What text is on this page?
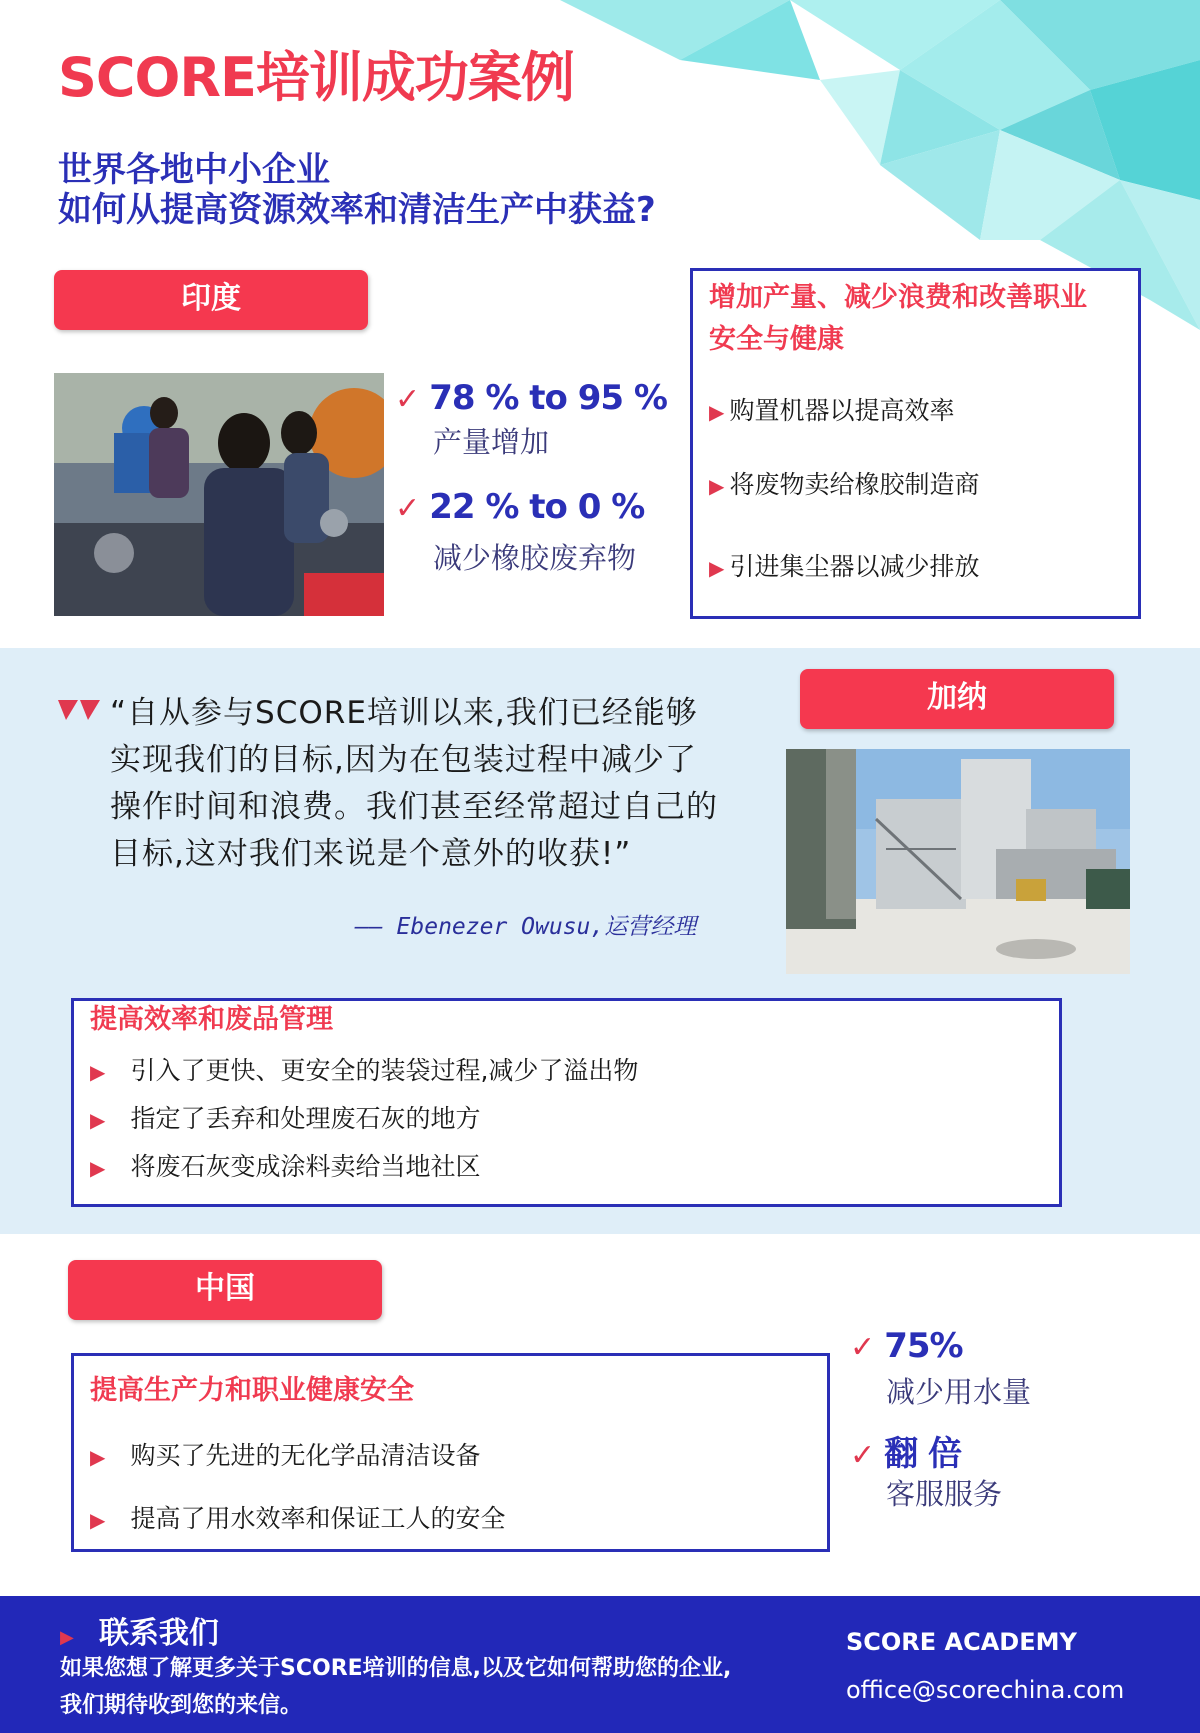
SCORE培训成功案例
世界各地中小企业
如何从提高资源效率和清洁生产中获益?
印度
✓ 78 % to 95 %
产量增加
✓ 22 % to 0 %
减少橡胶废弃物
增加产量、减少浪费和改善职业
安全与健康
▶ 购置机器以提高效率
▶ 将废物卖给橡胶制造商
▶ 引进集尘器以减少排放
“自从参与SCORE培训以来,我们已经能够
实现我们的目标,因为在包装过程中减少了
操作时间和浪费。我们甚至经常超过自己的
目标,这对我们来说是个意外的收获!”
—— Ebenezer Owusu,运营经理
加纳
提高效率和废品管理
▶ 引入了更快、更安全的装袋过程,减少了溢出物
▶ 指定了丢弃和处理废石灰的地方
▶ 将废石灰变成涂料卖给当地社区
中国
提高生产力和职业健康安全
▶ 购买了先进的无化学品清洁设备
▶ 提高了用水效率和保证工人的安全
✓ 75%
减少用水量
✓ 翻 倍
客服服务
▶ 联系我们
如果您想了解更多关于SCORE培训的信息,以及它如何帮助您的企业,
我们期待收到您的来信。
SCORE ACADEMY
office@scorechina.com
